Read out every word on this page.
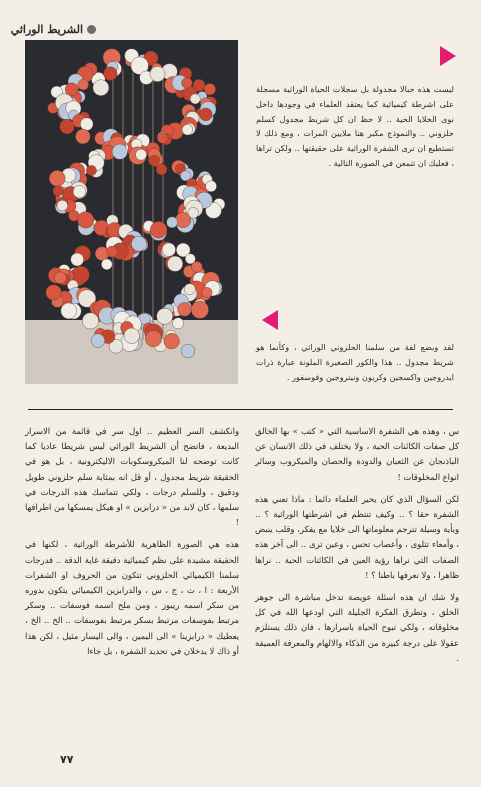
الشريط الوراثي
ليست هذه حبالا مجدولة بل سجلات الحياة الوراثية مسجلة على اشرطة كيميائية كما يعتقد العلماء في وجودها داخل نوى الخلايا الحية .. لا حظ ان كل شريط مجدول كسلم حلزوني .. والنموذج مكبر هنا ملايين المرات ، ومع ذلك لا تستطيع ان ترى الشفرة الوراثية على حقيقتها .. ولكن تراها ، فعليك ان تتمعن في الصورة التالية .
لقد وبضع لفة من سلمنا الحلزوني الوراثي ، وكأنما هو شريط مجدول .. هذا والكور الصغيرة الملونة عبارة ذرات ايدروجين واكسجين وكربون ونيتروجين وفوسفور .

س ، وهذه هي الشفرة الاساسية التي « كتب » بها الخالق كل صفات الكائنات الحية ، ولا يختلف في ذلك الانسان عن الباذنجان عن الثعبان والدودة والحصان والميكروب وسائر انواع المخلوقات !

لكن السؤال الذي كان يحير العلماء دائما : ماذا تعني هذه الشفرة حقا ؟ .. وكيف تنتظم في اشرطتها الوراثية ؟ .. وبأية وسيلة تترجم معلوماتها الى خلايا مع يفكر، وقلب ينبض ، وأمعاء تتلوى ، وأعصاب تحس ، وعين ترى .. الى آخر هذه الصفات التي نراها رؤية العين في الكائنات الحية .. نراها ظاهرا ، ولا نعرفها باطنا ؟ !

ولا شك ان هذه اسئلة عويصة تدخل مباشرة الى جوهر الخلق ، وتطرق الفكرة الجليلة التي اودعها الله في كل مخلوقاته ، ولكي تبوح الحياة باسرارها ، فان ذلك يستلزم عقولا على درجة كبيرة من الذكاء والالهام والمعرفة العميقة .

وانكشف السر العظيم .. اول سر في قائمة من الاسرار البديعة ، فاتضح أن الشريط الوراثي ليس شريطا عاديا كما كانت توضحه لنا الميكروسكوبات الاليكترونية ، بل هو في الحقيقة شريط مجدول ، أو قل انه بمثابة سلم حلزوني طويل ودقيق ، وللسلم درجات ، ولكي تتماسك هذه الدرجات في سلمها ، كان لابد من « درابزين » او هيكل يمسكها من اطرافها !

هذه هي الصورة الظاهرية للأشرطة الوراثية ، لكنها في الحقيقة مشيدة على نظم كيميائية دقيقة غاية الدقة .. فدرجات سلمنا الكيميائي الحلزوني تتكون من الحروف او الشفرات الأربعة : ا ، ث ، ج ، س ، والدرابزين الكيميائي يتكون بدوره من سكر اسمه ريبوز ، ومن ملح اسمه فوسفات .. وسكر مرتبط بفوسفات مرتبط بسكر مرتبط بفوسفات .. الخ .. الخ ، يعطيك « درابزينا » الى اليمين ، والى اليسار مثيل ، لكن هذا أو ذاك لا يدخلان في تحديد الشفرة ، بل جاءا

٧٧
